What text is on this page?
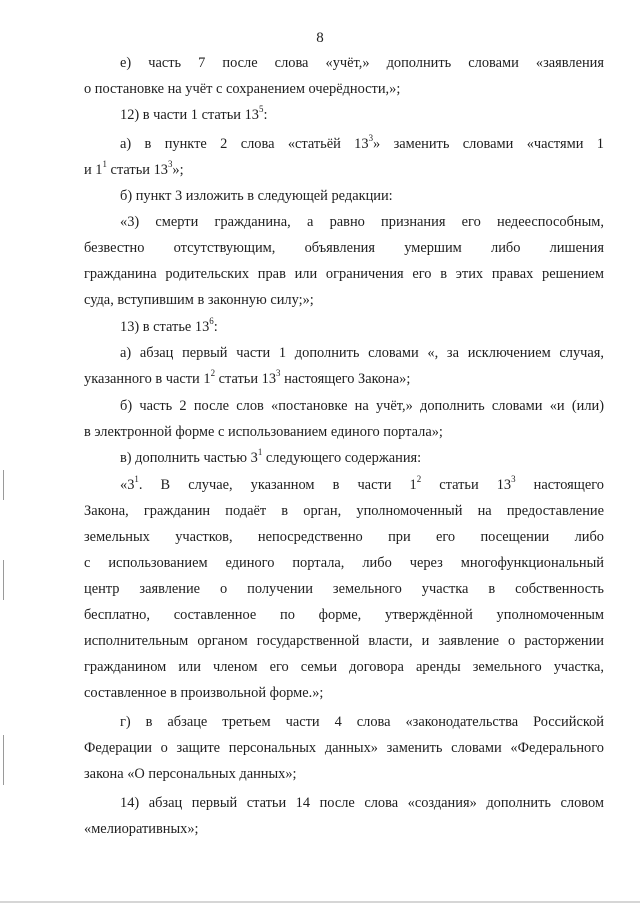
8
е) часть 7 после слова «учёт,» дополнить словами «заявления
о постановке на учёт с сохранением очерёдности,»;
12) в части 1 статьи $13^5$:
а) в пункте 2 слова «статьёй $13^3$» заменить словами «частями 1
и $1^1$ статьи $13^3$»;
б) пункт 3 изложить в следующей редакции:
«3) смерти гражданина, а равно признания его недееспособным,
безвестно отсутствующим, объявления умершим либо лишения
гражданина родительских прав или ограничения его в этих правах решением
суда, вступившим в законную силу;»;
13) в статье $13^6$:
а) абзац первый части 1 дополнить словами «, за исключением случая,
указанного в части $1^2$ статьи $13^3$ настоящего Закона»;
б) часть 2 после слов «постановке на учёт,» дополнить словами «и (или)
в электронной форме с использованием единого портала»;
в) дополнить частью $3^1$ следующего содержания:
«$3^1$. В случае, указанном в части $1^2$ статьи $13^3$ настоящего
Закона, гражданин подаёт в орган, уполномоченный на предоставление
земельных участков, непосредственно при его посещении либо
с использованием единого портала, либо через многофункциональный
центр заявление о получении земельного участка в собственность
бесплатно, составленное по форме, утверждённой уполномоченным
исполнительным органом государственной власти, и заявление о расторжении
гражданином или членом его семьи договора аренды земельного участка,
составленное в произвольной форме.»;
г) в абзаце третьем части 4 слова «законодательства Российской
Федерации о защите персональных данных» заменить словами «Федерального
закона «О персональных данных»;
14) абзац первый статьи 14 после слова «создания» дополнить словом
«мелиоративных»;
